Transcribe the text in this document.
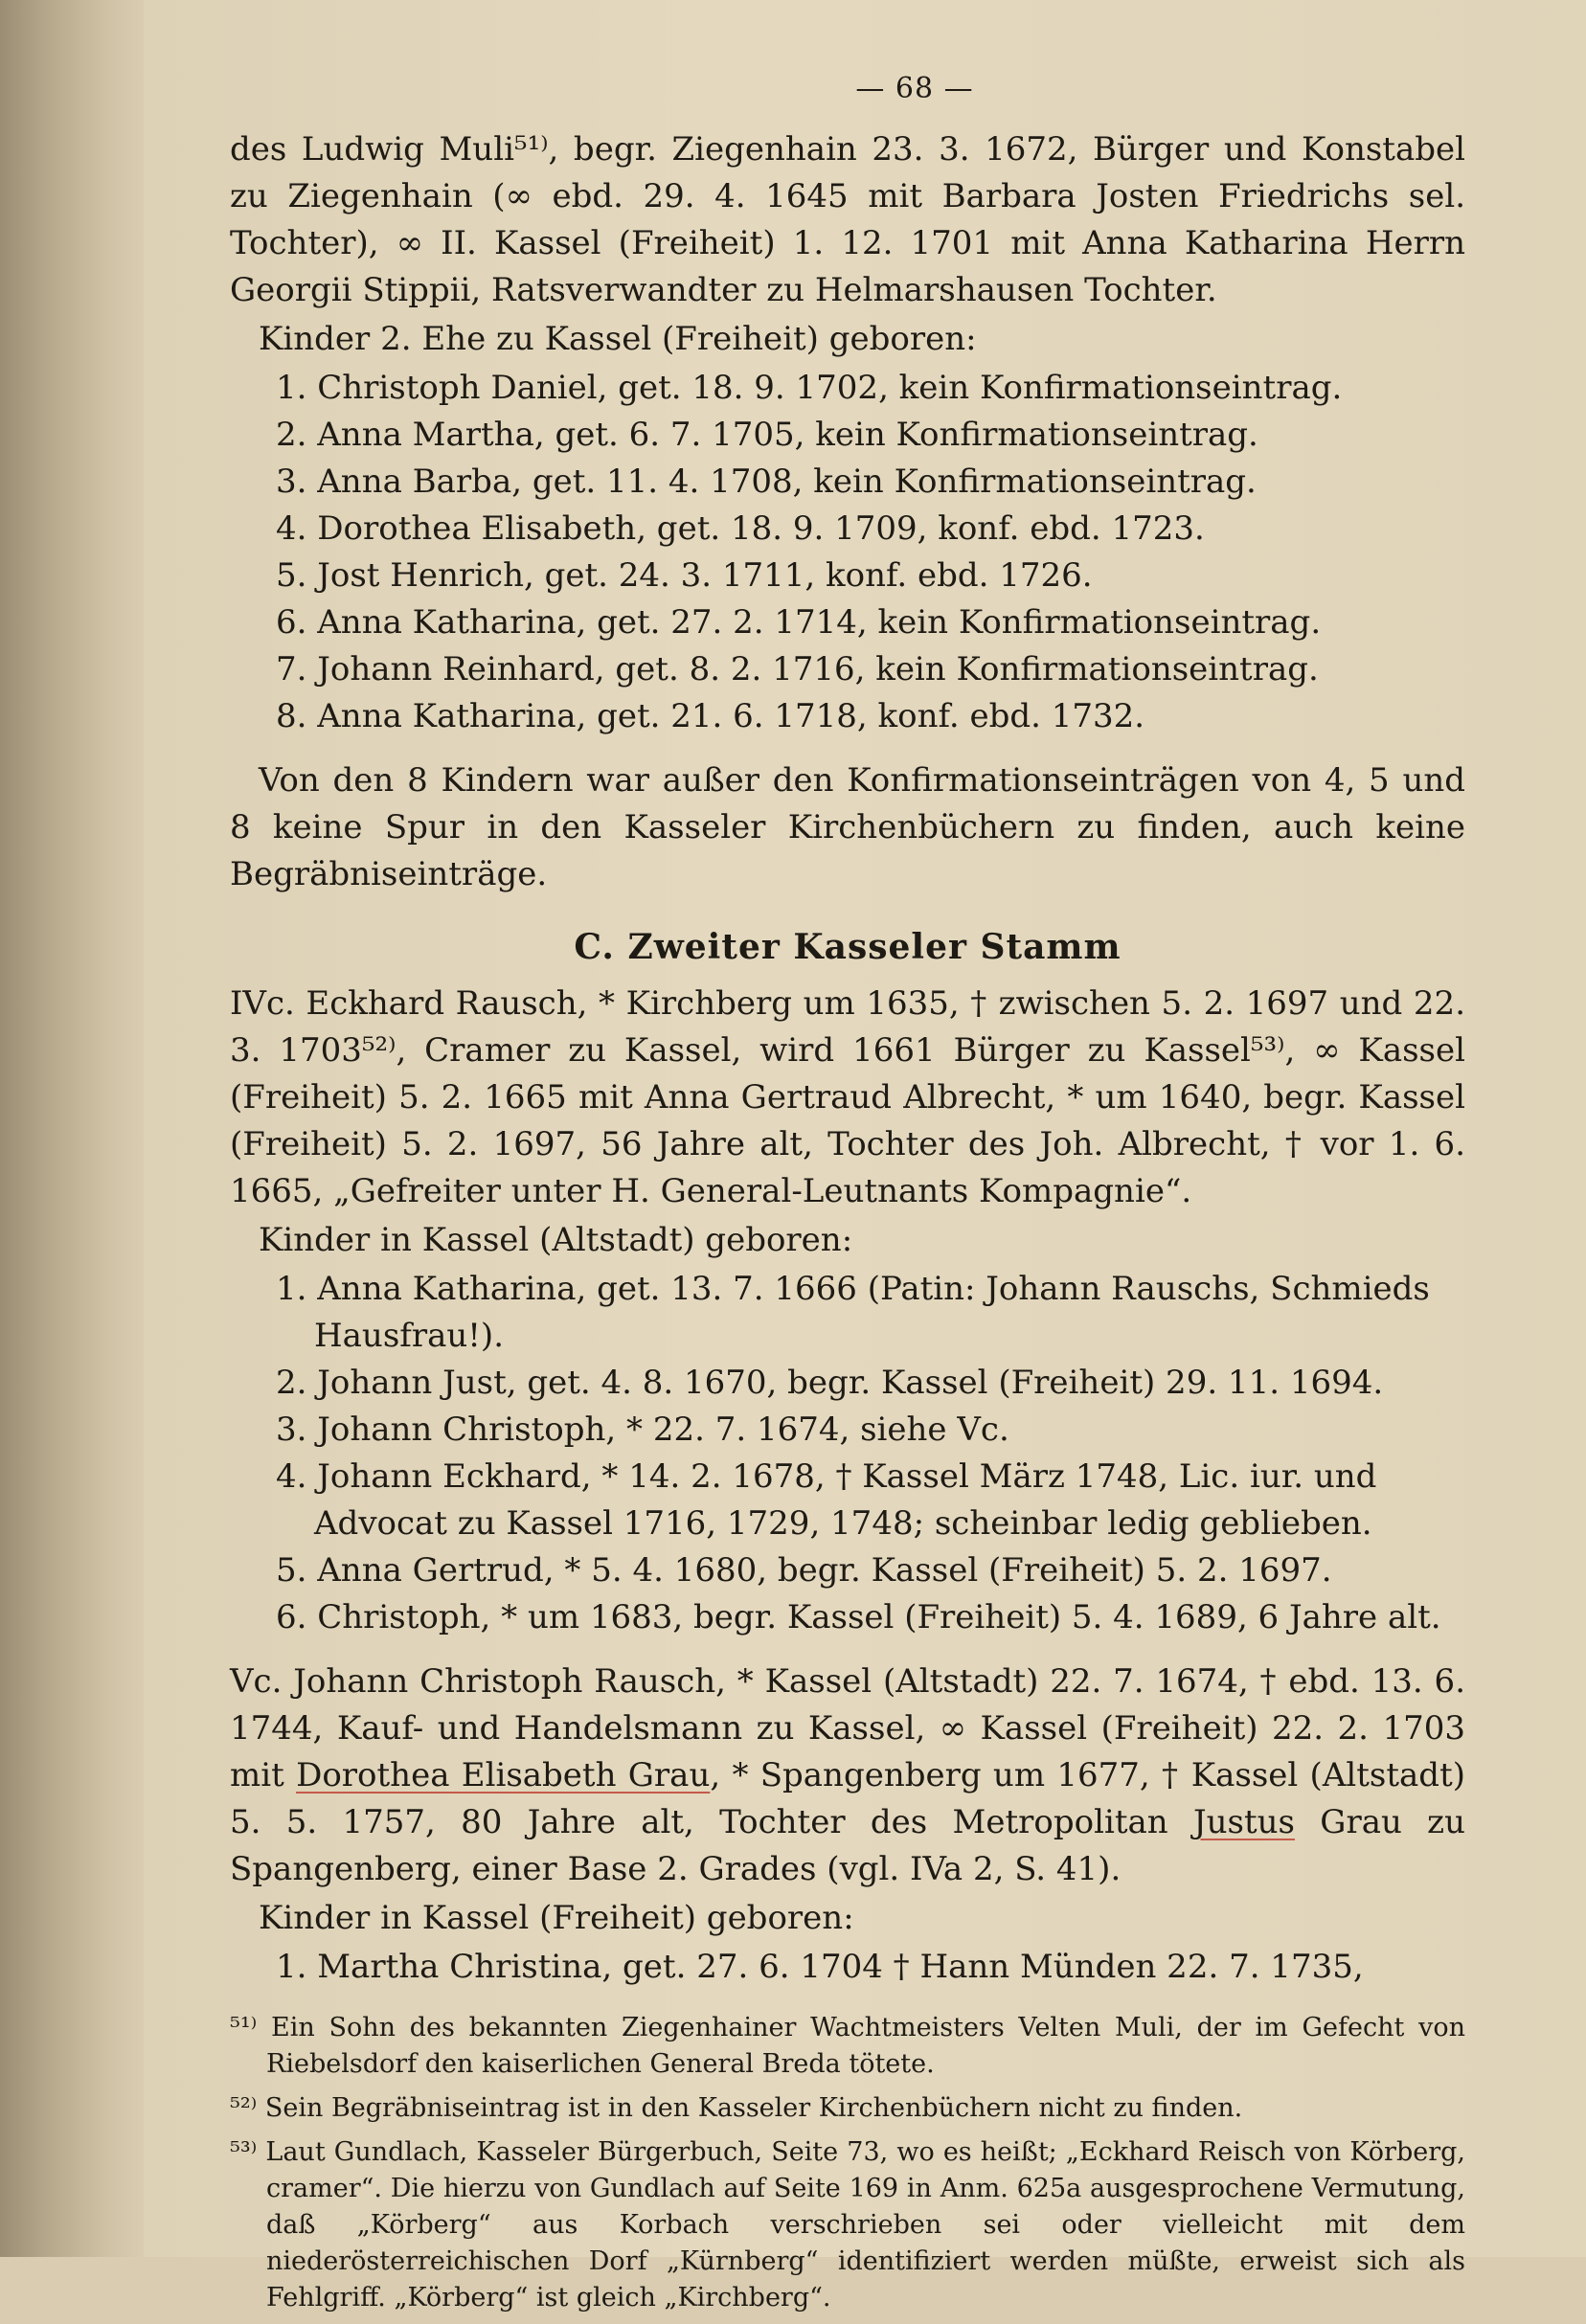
— 68 —

des Ludwig Muli⁵¹⁾, begr. Ziegenhain 23. 3. 1672, Bürger und Konstabel zu Ziegenhain (∞ ebd. 29. 4. 1645 mit Barbara Josten Friedrichs sel. Tochter), ∞ II. Kassel (Freiheit) 1. 12. 1701 mit Anna Katharina Herrn Georgii Stippii, Ratsverwandter zu Helmarshausen Tochter.

Kinder 2. Ehe zu Kassel (Freiheit) geboren:
1. Christoph Daniel, get. 18. 9. 1702, kein Konfirmationseintrag.
2. Anna Martha, get. 6. 7. 1705, kein Konfirmationseintrag.
3. Anna Barba, get. 11. 4. 1708, kein Konfirmationseintrag.
4. Dorothea Elisabeth, get. 18. 9. 1709, konf. ebd. 1723.
5. Jost Henrich, get. 24. 3. 1711, konf. ebd. 1726.
6. Anna Katharina, get. 27. 2. 1714, kein Konfirmationseintrag.
7. Johann Reinhard, get. 8. 2. 1716, kein Konfirmationseintrag.
8. Anna Katharina, get. 21. 6. 1718, konf. ebd. 1732.

Von den 8 Kindern war außer den Konfirmationseinträgen von 4, 5 und 8 keine Spur in den Kasseler Kirchenbüchern zu finden, auch keine Begräbniseinträge.

C. Zweiter Kasseler Stamm

IVc. Eckhard Rausch, * Kirchberg um 1635, † zwischen 5. 2. 1697 und 22. 3. 1703⁵²⁾, Cramer zu Kassel, wird 1661 Bürger zu Kassel⁵³⁾, ∞ Kassel (Freiheit) 5. 2. 1665 mit Anna Gertraud Albrecht, * um 1640, begr. Kassel (Freiheit) 5. 2. 1697, 56 Jahre alt, Tochter des Joh. Albrecht, † vor 1. 6. 1665, „Gefreiter unter H. General-Leutnants Kompagnie“.

Kinder in Kassel (Altstadt) geboren:
1. Anna Katharina, get. 13. 7. 1666 (Patin: Johann Rauschs, Schmieds Hausfrau!).
2. Johann Just, get. 4. 8. 1670, begr. Kassel (Freiheit) 29. 11. 1694.
3. Johann Christoph, * 22. 7. 1674, siehe Vc.
4. Johann Eckhard, * 14. 2. 1678, † Kassel März 1748, Lic. iur. und Advocat zu Kassel 1716, 1729, 1748; scheinbar ledig geblieben.
5. Anna Gertrud, * 5. 4. 1680, begr. Kassel (Freiheit) 5. 2. 1697.
6. Christoph, * um 1683, begr. Kassel (Freiheit) 5. 4. 1689, 6 Jahre alt.

Vc. Johann Christoph Rausch, * Kassel (Altstadt) 22. 7. 1674, † ebd. 13. 6. 1744, Kauf- und Handelsmann zu Kassel, ∞ Kassel (Freiheit) 22. 2. 1703 mit Dorothea Elisabeth Grau, * Spangenberg um 1677, † Kassel (Altstadt) 5. 5. 1757, 80 Jahre alt, Tochter des Metropolitan Justus Grau zu Spangenberg, einer Base 2. Grades (vgl. IVa 2, S. 41).

Kinder in Kassel (Freiheit) geboren:
1. Martha Christina, get. 27. 6. 1704 † Hann Münden 22. 7. 1735,

⁵¹⁾ Ein Sohn des bekannten Ziegenhainer Wachtmeisters Velten Muli, der im Gefecht von Riebelsdorf den kaiserlichen General Breda tötete.

⁵²⁾ Sein Begräbniseintrag ist in den Kasseler Kirchenbüchern nicht zu finden.

⁵³⁾ Laut Gundlach, Kasseler Bürgerbuch, Seite 73, wo es heißt; „Eckhard Reisch von Körberg, cramer“. Die hierzu von Gundlach auf Seite 169 in Anm. 625a ausgesprochene Vermutung, daß „Körberg“ aus Korbach verschrieben sei oder vielleicht mit dem niederösterreichischen Dorf „Kürnberg“ identifiziert werden müßte, erweist sich als Fehlgriff. „Körberg“ ist gleich „Kirchberg“.
